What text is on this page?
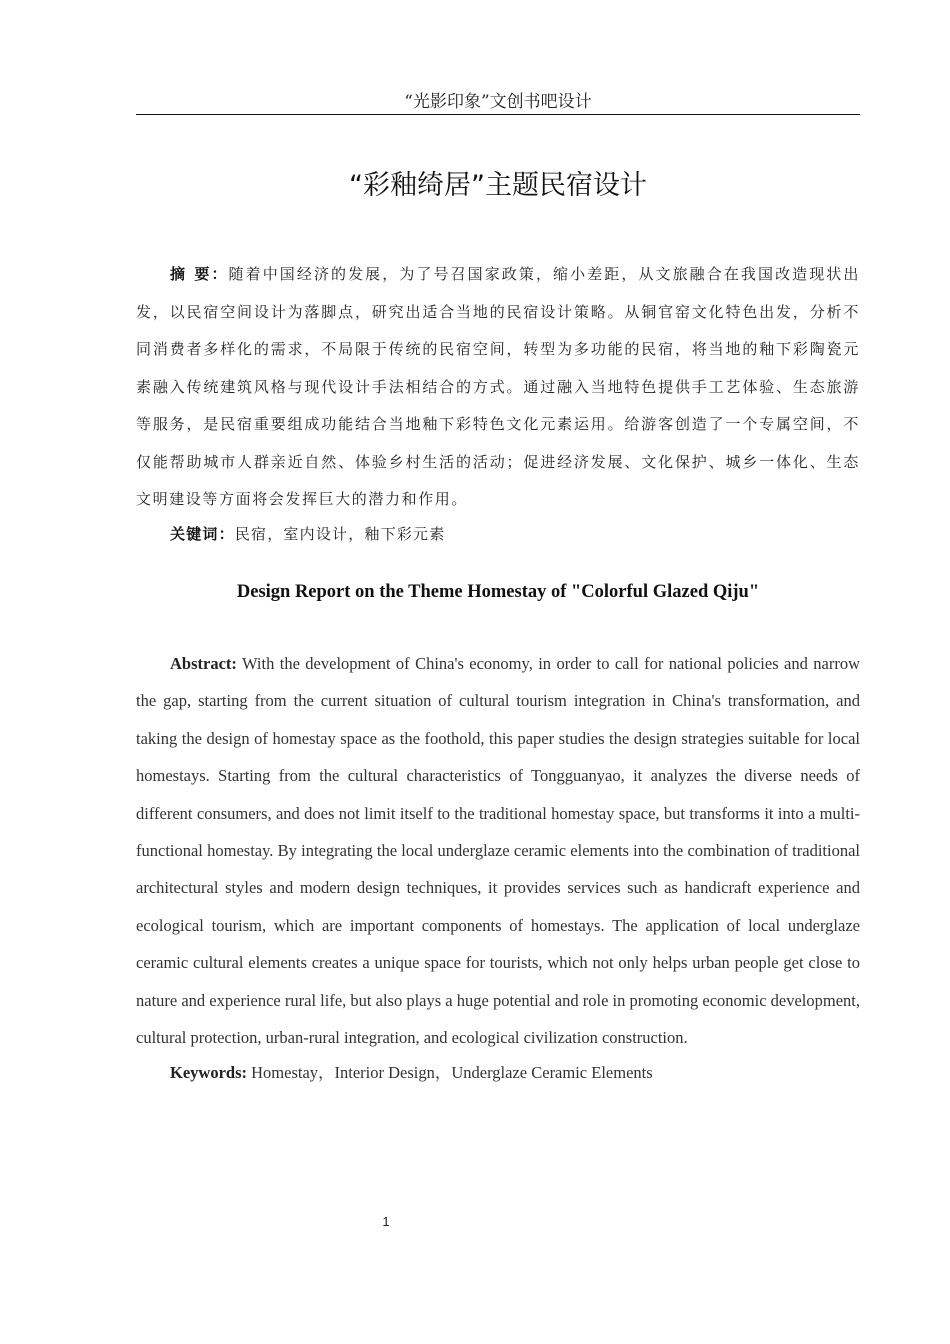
“光影印象”文创书吧设计
“彩釉绮居”主题民宿设计

摘 要：随着中国经济的发展，为了号召国家政策，缩小差距，从文旅融合在我国改造现状出发，以民宿空间设计为落脚点，研究出适合当地的民宿设计策略。从铜官窑文化特色出发，分析不同消费者多样化的需求，不局限于传统的民宿空间，转型为多功能的民宿，将当地的釉下彩陶瓷元素融入传统建筑风格与现代设计手法相结合的方式。通过融入当地特色提供手工艺体验、生态旅游等服务，是民宿重要组成功能结合当地釉下彩特色文化元素运用。给游客创造了一个专属空间，不仅能帮助城市人群亲近自然、体验乡村生活的活动；促进经济发展、文化保护、城乡一体化、生态文明建设等方面将会发挥巨大的潜力和作用。

关键词：民宿，室内设计，釉下彩元素

Design Report on the Theme Homestay of "Colorful Glazed Qiju"

Abstract: With the development of China's economy, in order to call for national policies and narrow the gap, starting from the current situation of cultural tourism integration in China's transformation, and taking the design of homestay space as the foothold, this paper studies the design strategies suitable for local homestays. Starting from the cultural characteristics of Tongguanyao, it analyzes the diverse needs of different consumers, and does not limit itself to the traditional homestay space, but transforms it into a multi-functional homestay. By integrating the local underglaze ceramic elements into the combination of traditional architectural styles and modern design techniques, it provides services such as handicraft experience and ecological tourism, which are important components of homestays. The application of local underglaze ceramic cultural elements creates a unique space for tourists, which not only helps urban people get close to nature and experience rural life, but also plays a huge potential and role in promoting economic development, cultural protection, urban-rural integration, and ecological civilization construction.

Keywords: Homestay，Interior Design，Underglaze Ceramic Elements

1
